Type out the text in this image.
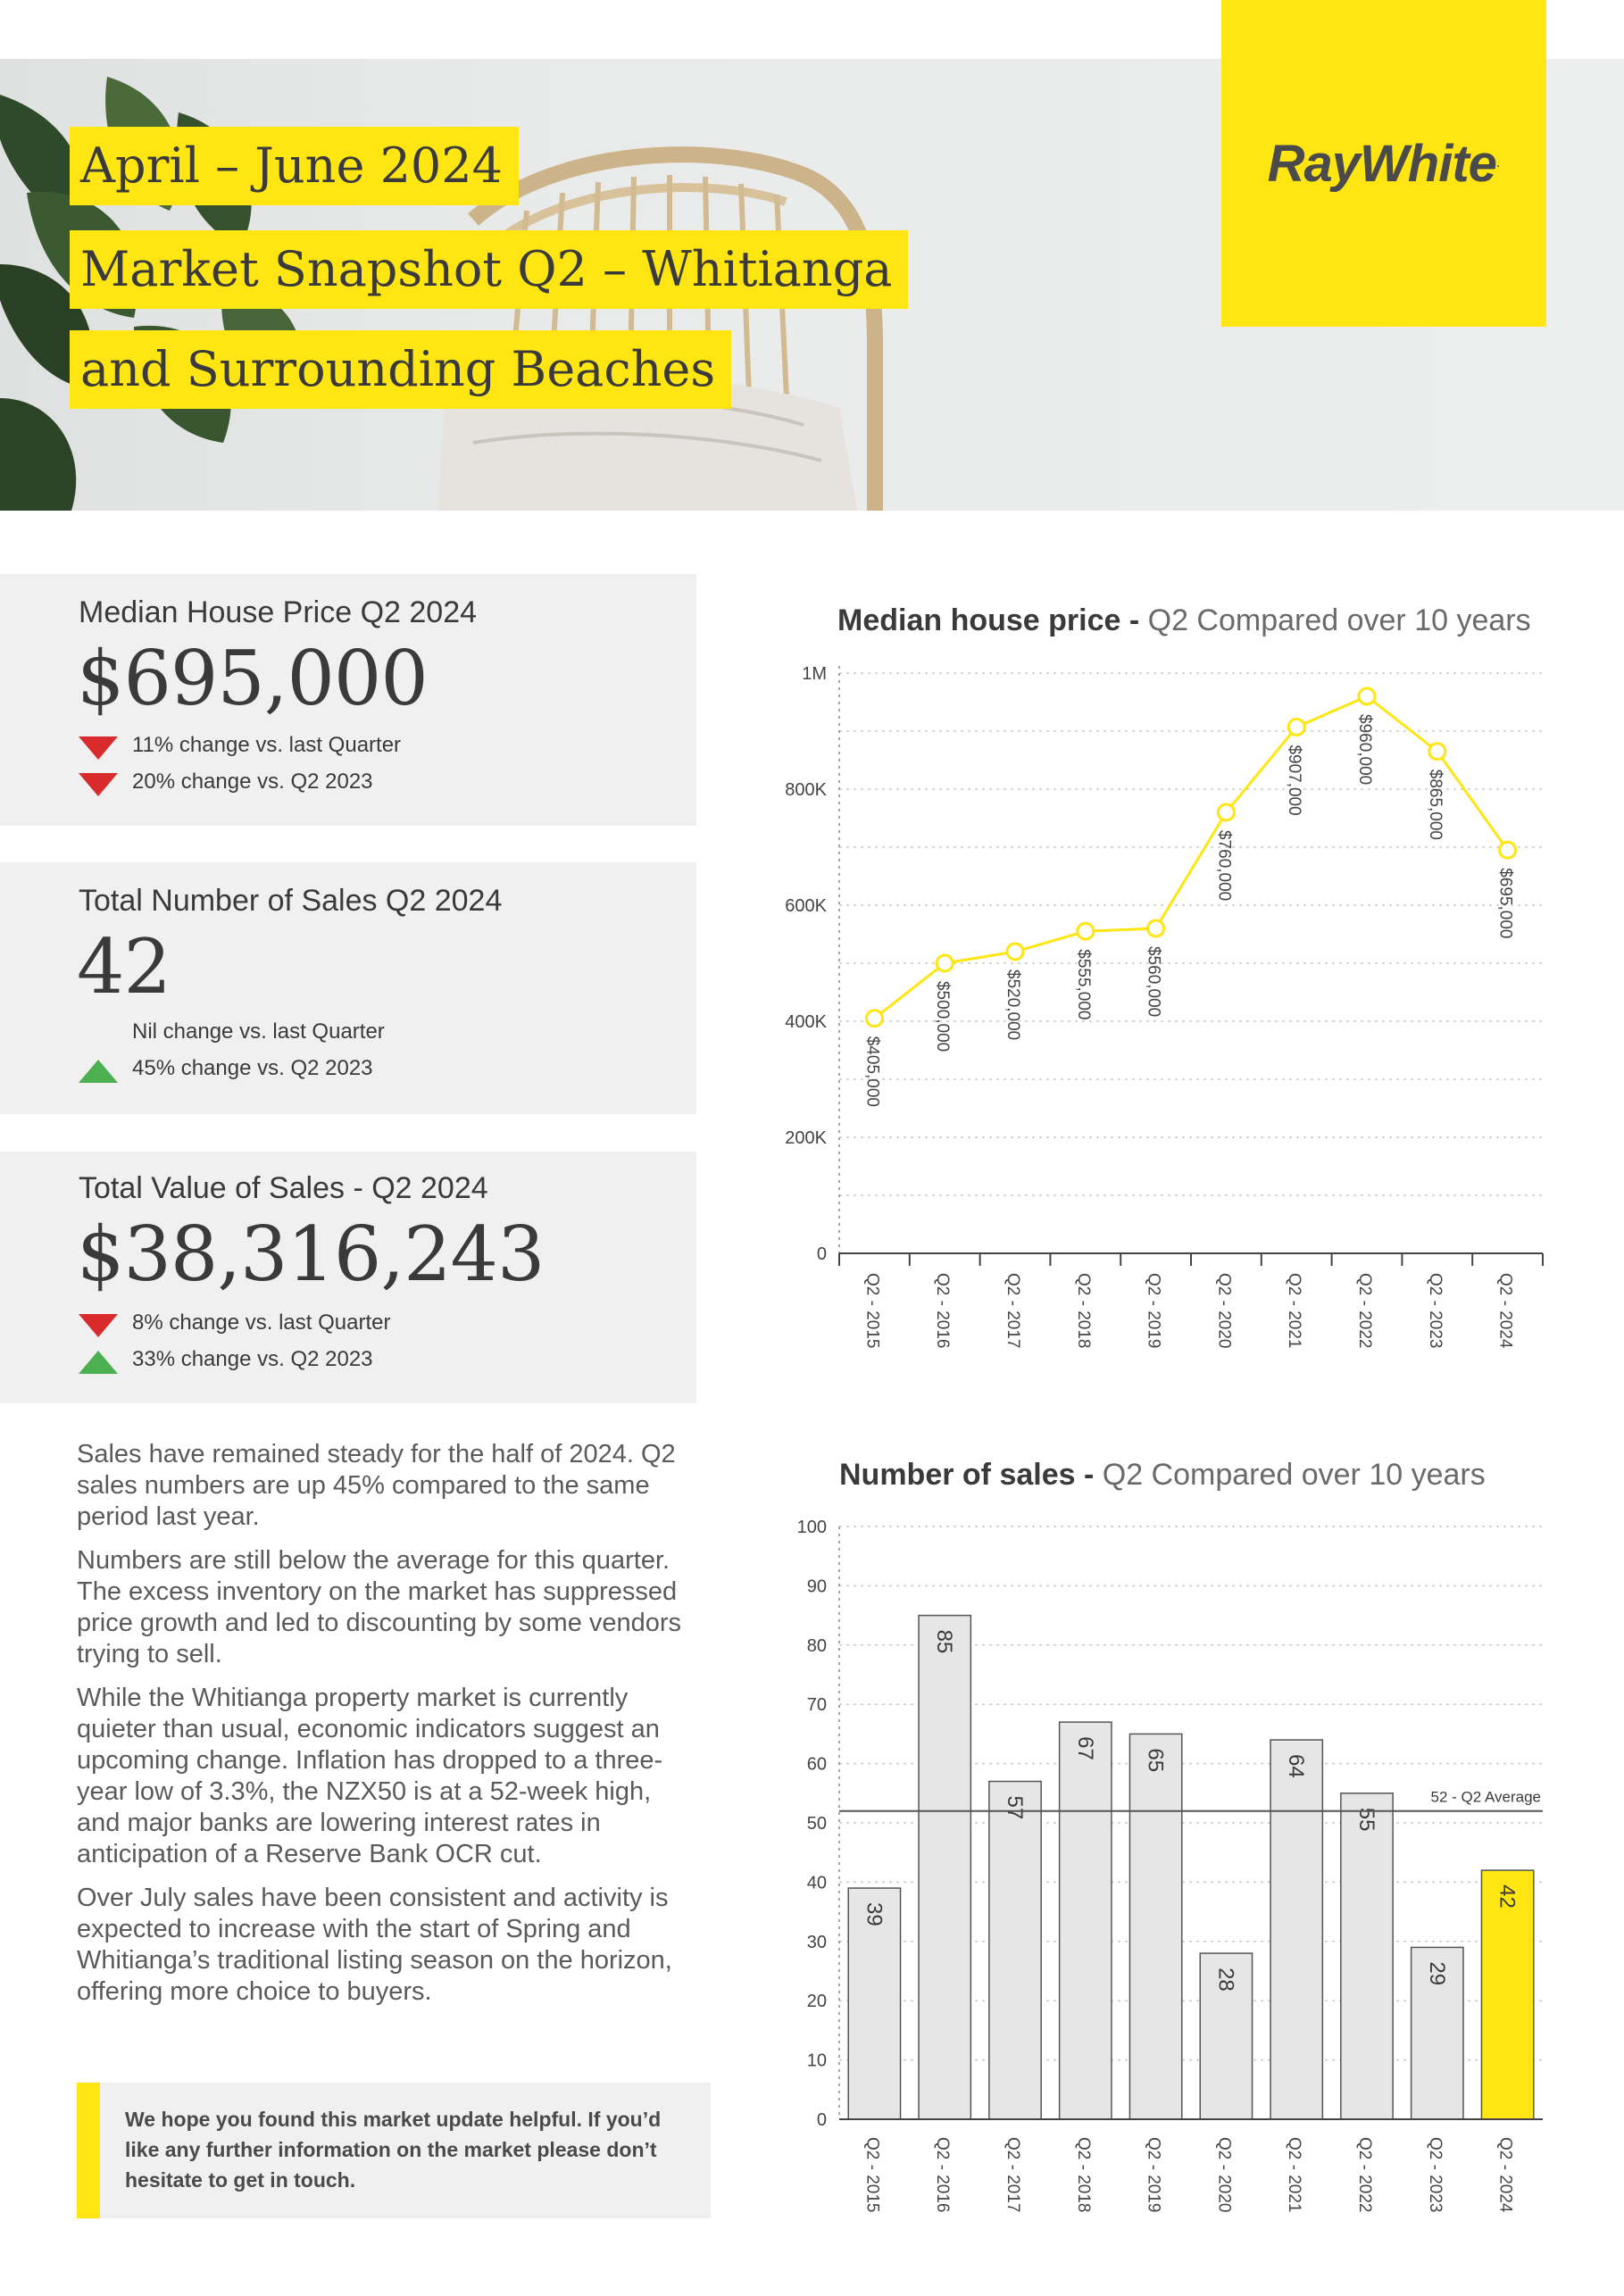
April – June 2024
Market Snapshot Q2 – Whitianga
and Surrounding Beaches
RayWhite .
Median House Price Q2 2024
$695,000
11% change vs. last Quarter
20% change vs. Q2 2023
Total Number of Sales Q2 2024
42
Nil change vs. last Quarter
45% change vs. Q2 2023
Total Value of Sales - Q2 2024
$38,316,243
8% change vs. last Quarter
33% change vs. Q2 2023

Sales have remained steady for the half of 2024. Q2 sales numbers are up 45% compared to the same period last year.

Numbers are still below the average for this quarter. The excess inventory on the market has suppressed price growth and led to discounting by some vendors trying to sell.

While the Whitianga property market is currently quieter than usual, economic indicators suggest an upcoming change. Inflation has dropped to a three-year low of 3.3%, the NZX50 is at a 52-week high, and major banks are lowering interest rates in anticipation of a Reserve Bank OCR cut.

Over July sales have been consistent and activity is expected to increase with the start of Spring and Whitianga’s traditional listing season on the horizon, offering more choice to buyers.

We hope you found this market update helpful. If you’d like any further information on the market please don’t hesitate to get in touch.
Median house price - Q2 Compared over 10 years
Number of sales - Q2 Compared over 10 years
0
200K
400K
600K
800K
1M
Q2 - 2015	Q2 - 2016	Q2 - 2017	Q2 - 2018	Q2 - 2019	Q2 - 2020	Q2 - 2021	Q2 - 2022	Q2 - 2023	Q2 - 2024
$405,000
$500,000	$520,000	$555,000	$560,000
$760,000
$907,000	$960,000
$865,000
$695,000
0
10
20
30
40
50
60
70
80
90
100
39
85
57
67 65
28
64
55
29
42
52 - Q2 Average
Q2 - 2015	Q2 - 2016	Q2 - 2017	Q2 - 2018	Q2 - 2019	Q2 - 2020	Q2 - 2021	Q2 - 2022	Q2 - 2023	Q2 - 2024
